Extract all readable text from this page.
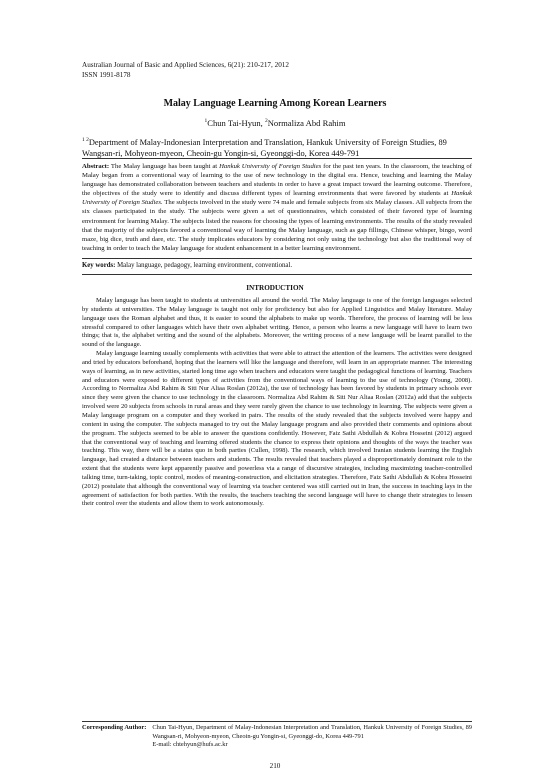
Australian Journal of Basic and Applied Sciences, 6(21): 210-217, 2012
ISSN 1991-8178
Malay Language Learning Among Korean Learners
$^1$Chun Tai-Hyun, $^2$Normaliza Abd Rahim
$^{1 2}$Department of Malay-Indonesian Interpretation and Translation, Hankuk University of Foreign Studies, 89 Wangsan-ri, Mohyeon-myeon, Cheoin-gu Yongin-si, Gyeonggi-do, Korea 449-791
Abstract: The Malay language has been taught at Hankuk University of Foreign Studies for the past ten years. In the classroom, the teaching of Malay began from a conventional way of learning to the use of new technology in the digital era. Hence, teaching and learning the Malay language has demonstrated collaboration between teachers and students in order to have a great impact toward the learning outcome. Therefore, the objectives of the study were to identify and discuss different types of learning environments that were favored by students at Hankuk University of Foreign Studies. The subjects involved in the study were 74 male and female subjects from six Malay classes. All subjects from the six classes participated in the study. The subjects were given a set of questionnaires, which consisted of their favored type of learning environment for learning Malay. The subjects listed the reasons for choosing the types of learning environments. The results of the study revealed that the majority of the subjects favored a conventional way of learning the Malay language, such as gap fillings, Chinese whisper, bingo, word maze, big dice, truth and dare, etc. The study implicates educators by considering not only using the technology but also the traditional way of teaching in order to teach the Malay language for student enhancement in a better learning environment.
Key words: Malay language, pedagogy, learning environment, conventional.
INTRODUCTION

Malay language has been taught to students at universities all around the world. The Malay language is one of the foreign languages selected by students at universities. The Malay language is taught not only for proficiency but also for Applied Linguistics and Malay literature. Malay language uses the Roman alphabet and thus, it is easier to sound the alphabets to make up words. Therefore, the process of learning will be less stressful compared to other languages which have their own alphabet writing. Hence, a person who learns a new language will have to learn two things; that is, the alphabet writing and the sound of the alphabets. Moreover, the writing process of a new language will be learnt parallel to the sound of the language.

Malay language learning usually complements with activities that were able to attract the attention of the learners. The activities were designed and tried by educators beforehand, hoping that the learners will like the language and therefore, will learn in an appropriate manner. The interesting ways of learning, as in new activities, started long time ago when teachers and educators were taught the pedagogical functions of learning. Teachers and educators were exposed to different types of activities from the conventional ways of learning to the use of technology (Young, 2008). According to Normaliza Abd Rahim & Siti Nur Aliaa Roslan (2012a), the use of technology has been favored by students in primary schools ever since they were given the chance to use technology in the classroom. Normaliza Abd Rahim & Siti Nur Aliaa Roslan (2012a) add that the subjects involved were 20 subjects from schools in rural areas and they were rarely given the chance to use technology in learning. The subjects were given a Malay language program on a computer and they worked in pairs. The results of the study revealed that the subjects involved were happy and content in using the computer. The subjects managed to try out the Malay language program and also provided their comments and opinions about the program. The subjects seemed to be able to answer the questions confidently. However, Faiz Sathi Abdullah & Kobra Hosseini (2012) argued that the conventional way of teaching and learning offered students the chance to express their opinions and thoughts of the ways the teacher was teaching. This way, there will be a status quo in both parties (Cullen, 1998). The research, which involved Iranian students learning the English language, had created a distance between teachers and students. The results revealed that teachers played a disproportionately dominant role to the extent that the students were kept apparently passive and powerless via a range of discursive strategies, including maximizing teacher-controlled talking time, turn-taking, topic control, modes of meaning-construction, and elicitation strategies. Therefore, Faiz Sathi Abdullah & Kobra Hosseini (2012) postulate that although the conventional way of learning via teacher centered was still carried out in Iran, the success in teaching lays in the agreement of satisfaction for both parties. With the results, the teachers teaching the second language will have to change their strategies to lessen their control over the students and allow them to work autonomously.

Corresponding Author: Chun Tai-Hyun, Department of Malay-Indonesian Interpretation and Translation, Hankuk University of Foreign Studies, 89 Wangsan-ri, Mohyeon-myeon, Cheoin-gu Yongin-si, Gyeonggi-do, Korea 449-791
E-mail: chtehyun@hufs.ac.kr
210
